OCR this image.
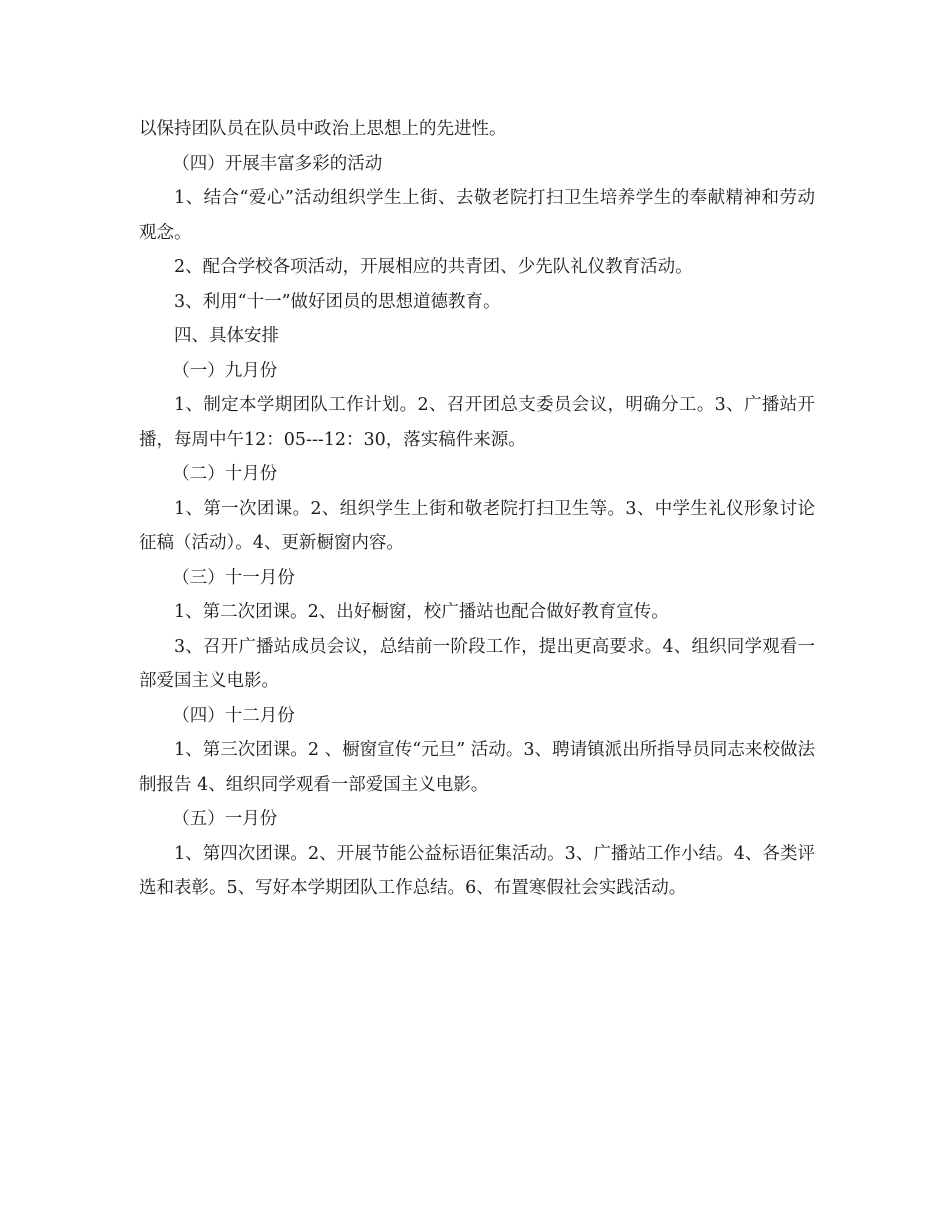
以保持团队员在队员中政治上思想上的先进性。

（四）开展丰富多彩的活动

1、结合“爱心”活动组织学生上街、去敬老院打扫卫生培养学生的奉献精神和劳动观念。

2、配合学校各项活动，开展相应的共青团、少先队礼仪教育活动。

3、利用“十一”做好团员的思想道德教育。

四、具体安排

（一）九月份

1、制定本学期团队工作计划。2、召开团总支委员会议，明确分工。3、广播站开播，每周中午12：05---12：30，落实稿件来源。

（二）十月份

1、第一次团课。2、组织学生上街和敬老院打扫卫生等。3、中学生礼仪形象讨论征稿（活动）。4、更新橱窗内容。

（三）十一月份

1、第二次团课。2、出好橱窗，校广播站也配合做好教育宣传。

3、召开广播站成员会议，总结前一阶段工作，提出更高要求。4、组织同学观看一部爱国主义电影。

（四）十二月份

1、第三次团课。2 、橱窗宣传“元旦” 活动。3、聘请镇派出所指导员同志来校做法制报告 4、组织同学观看一部爱国主义电影。

（五）一月份

1、第四次团课。2、开展节能公益标语征集活动。3、广播站工作小结。4、各类评选和表彰。5、写好本学期团队工作总结。6、布置寒假社会实践活动。
